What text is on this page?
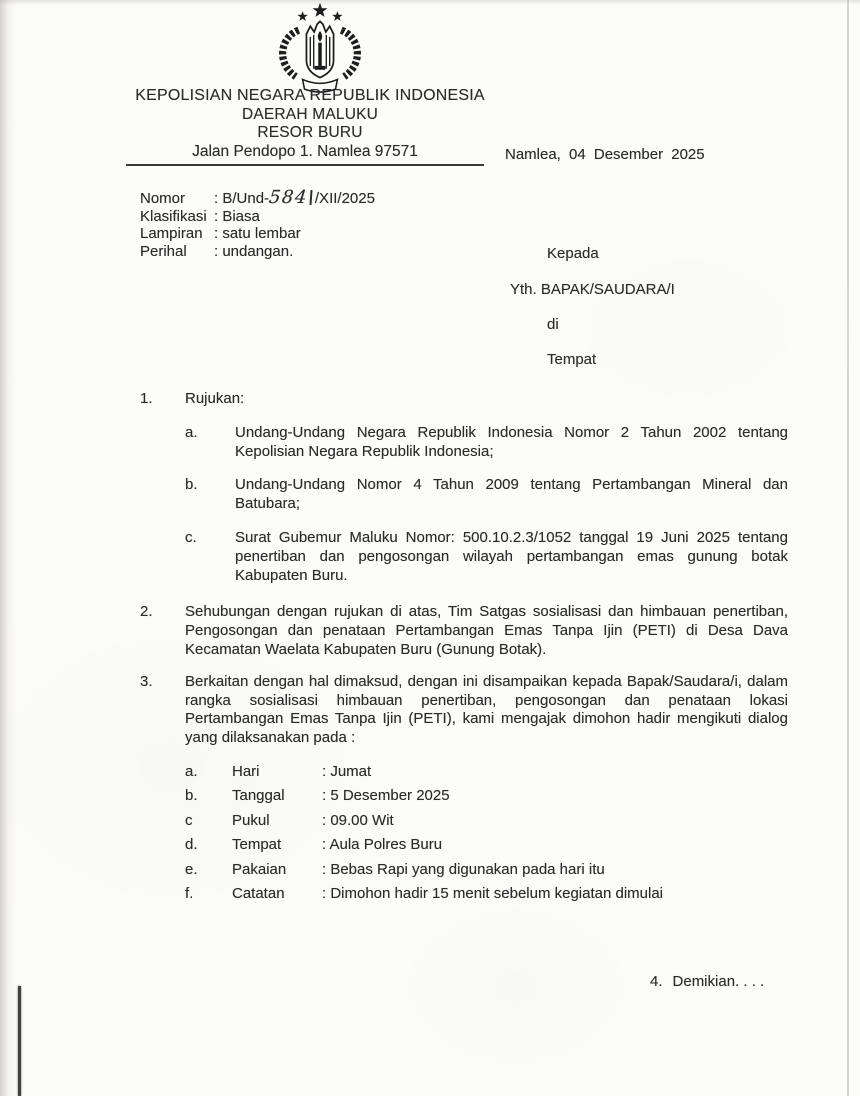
KEPOLISIAN NEGARA REPUBLIK INDONESIA
DAERAH MALUKU
RESOR BURU
Jalan Pendopo 1. Namlea 97571	Namlea, 04 Desember 2025
Nomor	:
B/Und-
584 /XII/2025
Klasifikasi :
Biasa
Lampiran :
satu lembar
Perihal	:
undangan.	Kepada
Yth. BAPAK/SAUDARA/I
di
Tempat
1.	Rujukan:
a.	Undang-Undang Negara Republik Indonesia Nomor 2 Tahun 2002 tentang Kepolisian Negara Republik Indonesia;
b.	Undang-Undang Nomor 4 Tahun 2009 tentang Pertambangan Mineral dan Batubara;
c.	Surat Gubemur Maluku Nomor: 500.10.2.3/1052 tanggal 19 Juni 2025 tentang penertiban dan pengosongan wilayah pertambangan emas gunung botak Kabupaten Buru.
2.	Sehubungan dengan rujukan di atas, Tim Satgas sosialisasi dan himbauan penertiban, Pengosongan dan penataan Pertambangan Emas Tanpa Ijin (PETI) di Desa Dava Kecamatan Waelata Kabupaten Buru (Gunung Botak).
3.	Berkaitan dengan hal dimaksud, dengan ini disampaikan kepada Bapak/Saudara/i, dalam rangka sosialisasi himbauan penertiban, pengosongan dan penataan lokasi Pertambangan Emas Tanpa Ijin (PETI), kami mengajak dimohon hadir mengikuti dialog yang dilaksanakan pada :
a.	Hari	: Jumat
b.	Tanggal	: 5 Desember 2025
c	Pukul	: 09.00 Wit
d.	Tempat	: Aula Polres Buru
e.	Pakaian	: Bebas Rapi yang digunakan pada hari itu
f.	Catatan	: Dimohon hadir 15 menit sebelum kegiatan dimulai
4. Demikian. . . .
